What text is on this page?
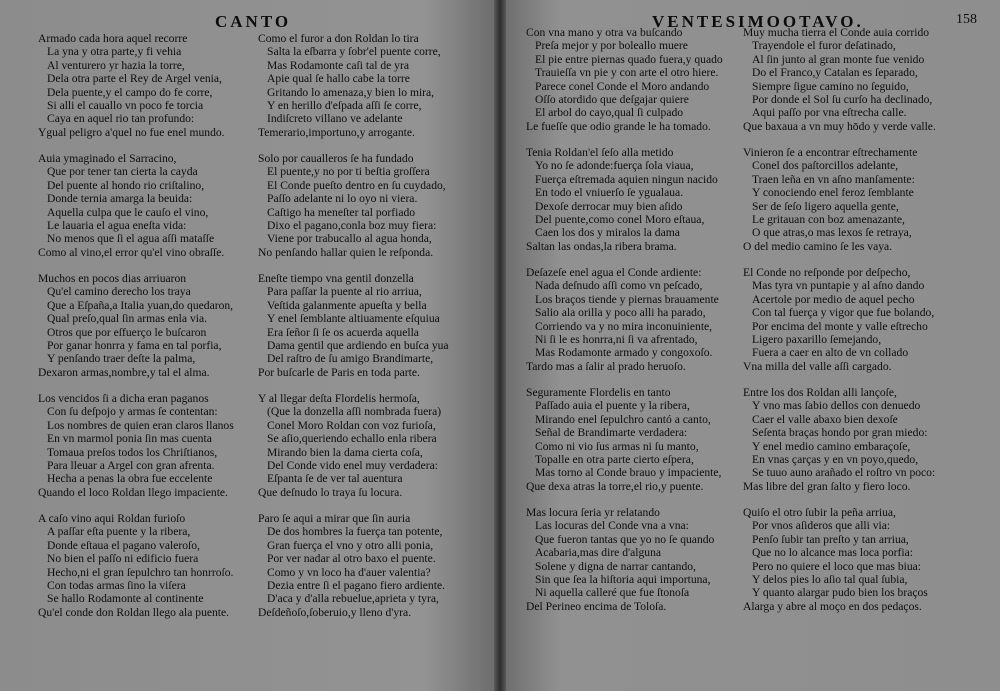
CANTO
Armado cada hora aquel recorre
La yna y otra parte,y fi vehia
Al venturero yr hazia la torre,
Dela otra parte el Rey de Argel venia,
Dela puente,y el campo do fe corre,
Si alli el cauallo vn poco fe torcia
Caya en aquel rio tan profundo:
Ygual peligro a'quel no fue enel mundo.
Auia ymaginado el Sarracino,
Que por tener tan cierta la cayda
Del puente al hondo rio criſtalino,
Donde ternia amarga la beuida:
Aquella culpa que le cauſo el vino,
Le lauaria el agua eneſta vida:
No menos que ſi el agua aſſi mataſſe
Como al vino,el error qu'el vino obraſſe.
Muchos en pocos dias arriuaron
Qu'el camino derecho los traya
Que a Eſpaña,a Italia yuan,do quedaron,
Qual preſo,qual ſin armas enla via.
Otros que por eſfuerço le buſcaron
Por ganar honrra y fama en tal porfia,
Y penſando traer deſte la palma,
Dexaron armas,nombre,y tal el alma.
Los vencidos ſi a dicha eran paganos
Con ſu deſpojo y armas ſe contentan:
Los nombres de quien eran claros llanos
En vn marmol ponia ſin mas cuenta
Tomaua preſos todos los Chriſtianos,
Para lleuar a Argel con gran afrenta.
Hecha a penas la obra fue eccelente
Quando el loco Roldan llego impaciente.
A caſo vino aqui Roldan furioſo
A paſſar eſta puente y la ribera,
Donde eſtaua el pagano valeroſo,
No bien el paſſo ni edificio fuera
Hecho,ni el gran ſepulchro tan honrroſo.
Con todas armas ſino la viſera
Se hallo Rodamonte al continente
Qu'el conde don Roldan llego ala puente.
Como el furor a don Roldan lo tira
Salta la eſbarra y ſobr'el puente corre,
Mas Rodamonte caſi tal de yra
Apie qual ſe hallo cabe la torre
Gritando lo amenaza,y bien lo mira,
Y en herillo d'eſpada aſſi ſe corre,
Indiſcreto villano ve adelante
Temerario,importuno,y arrogante.
Solo por caualleros ſe ha fundado
El puente,y no por ti beſtia groſſera
El Conde pueſto dentro en ſu cuydado,
Paſſo adelante ni lo oyo ni viera.
Caſtigo ha meneſter tal porfiado
Dixo el pagano,conla boz muy fiera:
Viene por trabucallo al agua honda,
No penſando hallar quien le reſponda.
Eneſte tiempo vna gentil donzella
Para paſſar la puente al rio arriua,
Veſtida galanmente apueſta y bella
Y enel ſemblante altiuamente eſquiua
Era ſeñor ſi ſe os acuerda aquella
Dama gentil que ardiendo en buſca yua
Del raſtro de ſu amigo Brandimarte,
Por buſcarle de Paris en toda parte.
Y al llegar deſta Flordelis hermoſa,
(Que la donzella aſſi nombrada fuera)
Conel Moro Roldan con voz furioſa,
Se aſio,queriendo echallo enla ribera
Mirando bien la dama cierta coſa,
Del Conde vido enel muy verdadera:
Eſpanta ſe de ver tal auentura
Que deſnudo lo traya ſu locura.
Paro ſe aqui a mirar que ſin auria
De dos hombres la fuerça tan potente,
Gran fuerça el vno y otro alli ponia,
Por ver nadar al otro baxo el puente.
Como y vn loco ha d'auer valentia?
Dezia entre ſi el pagano fiero ardiente.
D'aca y d'alla rebuelue,aprieta y tyra,
Deſdeñoſo,ſoberuio,y lleno d'yra.
VENTESIMOOTAVO.	158
Con vna mano y otra va buſcando
Preſa mejor y por boleallo muere
El pie entre piernas quado fuera,y quado
Trauieſſa vn pie y con arte el otro hiere.
Parece conel Conde el Moro andando
Oſſo atordido que deſgajar quiere
El arbol do cayo,qual ſi culpado
Le fueſſe que odio grande le ha tomado.
Tenia Roldan'el ſeſo alla metido
Yo no ſe adonde:fuerça ſola viaua,
Fuerça eſtremada aquien ningun nacido
En todo el vniuerſo ſe ygualaua.
Dexoſe derrocar muy bien aſido
Del puente,como conel Moro eſtaua,
Caen los dos y miralos la dama
Saltan las ondas,la ribera brama.
Deſazeſe enel agua el Conde ardiente:
Nada deſnudo aſſi como vn peſcado,
Los braços tiende y piernas brauamente
Salio ala orilla y poco alli ha parado,
Corriendo va y no mira inconuiniente,
Ni ſi le es honrra,ni ſi va afrentado,
Mas Rodamonte armado y congoxoſo.
Tardo mas a ſalir al prado heruoſo.
Seguramente Flordelis en tanto
Paſſado auia el puente y la ribera,
Mirando enel ſepulchro cantó a canto,
Señal de Brandimarte verdadera:
Como ni vio ſus armas ni ſu manto,
Topalle en otra parte cierto eſpera,
Mas torno al Conde brauo y impaciente,
Que dexa atras la torre,el rio,y puente.
Mas locura ſeria yr relatando
Las locuras del Conde vna a vna:
Que fueron tantas que yo no ſe quando
Acabaria,mas dire d'alguna
Solene y digna de narrar cantando,
Sin que ſea la hiſtoria aqui importuna,
Ni aquella calleré que fue ſtonoſa
Del Perineo encima de Toloſa.
Muy mucha tierra el Conde auia corrido
Trayendole el furor deſatinado,
Al ſin junto al gran monte fue venido
Do el Franco,y Catalan es ſeparado,
Siempre ſigue camino no ſeguido,
Por donde el Sol ſu curſo ha declinado,
Aqui paſſo por vna eſtrecha calle.
Que baxaua a vn muy hōdo y verde valle.
Vinieron ſe a encontrar eſtrechamente
Conel dos paſtorcillos adelante,
Traen leña en vn aſno manſamente:
Y conociendo enel feroz ſemblante
Ser de ſeſo ligero aquella gente,
Le gritauan con boz amenazante,
O que atras,o mas lexos ſe retraya,
O del medio camino ſe les vaya.
El Conde no reſponde por deſpecho,
Mas tyra vn puntapie y al aſno dando
Acertole por medio de aquel pecho
Con tal fuerça y vigor que fue bolando,
Por encima del monte y valle eſtrecho
Ligero paxarillo ſemejando,
Fuera a caer en alto de vn collado
Vna milla del valle aſſi cargado.
Entre los dos Roldan alli lançoſe,
Y vno mas ſabio dellos con denuedo
Caer el valle abaxo bien dexoſe
Seſenta braças hondo por gran miedo:
Y enel medio camino embaraçoſe,
En vnas çarças y en vn poyo,quedo,
Se tuuo auno arañado el roſtro vn poco:
Mas libre del gran ſalto y fiero loco.
Quiſo el otro ſubir la peña arriua,
Por vnos aſideros que alli via:
Penſo ſubir tan preſto y tan arriua,
Que no lo alcance mas loca porfia:
Pero no quiere el loco que mas biua:
Y delos pies lo aſio tal qual ſubia,
Y quanto alargar pudo bien los braços
Alarga y abre al moço en dos pedaços.
